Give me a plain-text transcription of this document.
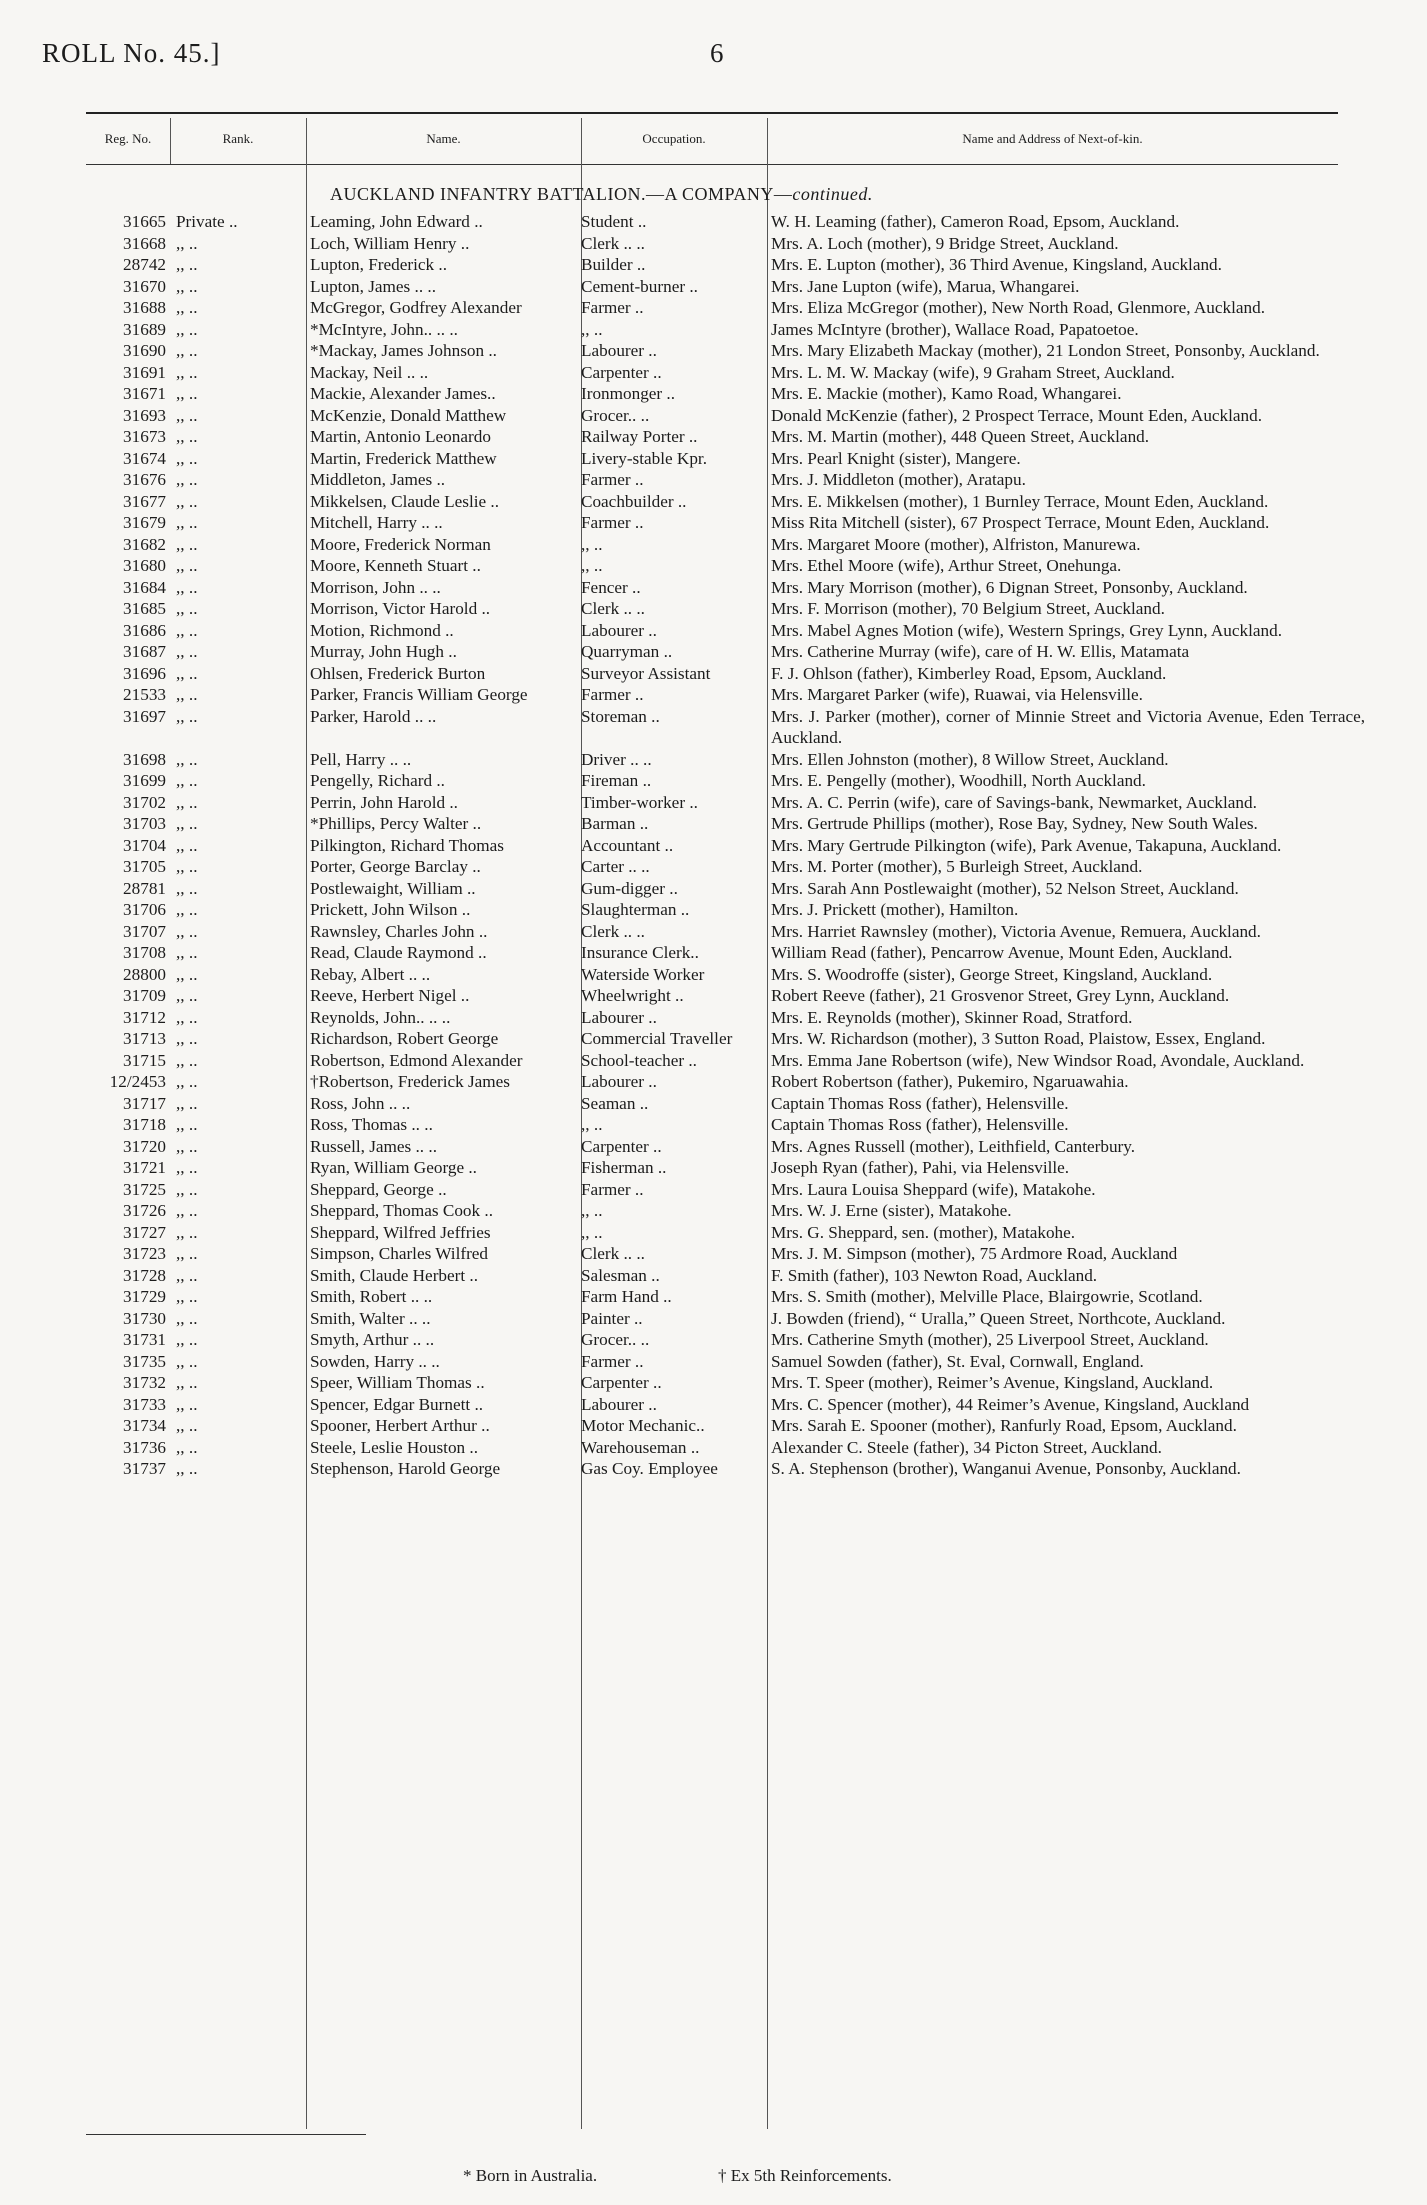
ROLL No. 45.]	6
Reg. No.	Rank.	Name.	Occupation.	Name and Address of Next-of-kin.
AUCKLAND INFANTRY BATTALION.—A COMPANY—continued.
31665 Private ..	Leaming, John Edward ..	Student ..	W. H. Leaming (father), Cameron Road, Epsom, Auckland.
31668 ,, ..	Loch, William Henry ..	Clerk .. ..	Mrs. A. Loch (mother), 9 Bridge Street, Auckland.
28742 ,, ..	Lupton, Frederick ..	Builder ..	Mrs. E. Lupton (mother), 36 Third Avenue, Kingsland, Auckland.
31670 ,, ..	Lupton, James .. ..	Cement-burner ..	Mrs. Jane Lupton (wife), Marua, Whangarei.
31688 ,, ..	McGregor, Godfrey Alexander	Farmer ..	Mrs. Eliza McGregor (mother), New North Road, Glenmore, Auckland.
31689 ,, ..	*McIntyre, John.. .. ..	,, ..	James McIntyre (brother), Wallace Road, Papatoetoe.
31690 ,, ..	*Mackay, James Johnson ..	Labourer ..	Mrs. Mary Elizabeth Mackay (mother), 21 London Street, Ponsonby, Auckland.
31691 ,, ..	Mackay, Neil .. ..	Carpenter ..	Mrs. L. M. W. Mackay (wife), 9 Graham Street, Auckland.
31671 ,, ..	Mackie, Alexander James..	Ironmonger ..	Mrs. E. Mackie (mother), Kamo Road, Whangarei.
31693 ,, ..	McKenzie, Donald Matthew	Grocer.. ..	Donald McKenzie (father), 2 Prospect Terrace, Mount Eden, Auckland.
31673 ,, ..	Martin, Antonio Leonardo	Railway Porter ..	Mrs. M. Martin (mother), 448 Queen Street, Auckland.
31674 ,, ..	Martin, Frederick Matthew	Livery-stable Kpr.	Mrs. Pearl Knight (sister), Mangere.
31676 ,, ..	Middleton, James ..	Farmer ..	Mrs. J. Middleton (mother), Aratapu.
31677 ,, ..	Mikkelsen, Claude Leslie ..	Coachbuilder ..	Mrs. E. Mikkelsen (mother), 1 Burnley Terrace, Mount Eden, Auckland.
31679 ,, ..	Mitchell, Harry .. ..	Farmer ..	Miss Rita Mitchell (sister), 67 Prospect Terrace, Mount Eden, Auckland.
31682 ,, ..	Moore, Frederick Norman	,, ..	Mrs. Margaret Moore (mother), Alfriston, Manurewa.
31680 ,, ..	Moore, Kenneth Stuart ..	,, ..	Mrs. Ethel Moore (wife), Arthur Street, Onehunga.
31684 ,, ..	Morrison, John .. ..	Fencer ..	Mrs. Mary Morrison (mother), 6 Dignan Street, Ponsonby, Auckland.
31685 ,, ..	Morrison, Victor Harold ..	Clerk .. ..	Mrs. F. Morrison (mother), 70 Belgium Street, Auckland.
31686 ,, ..	Motion, Richmond ..	Labourer ..	Mrs. Mabel Agnes Motion (wife), Western Springs, Grey Lynn, Auckland.
31687 ,, ..	Murray, John Hugh ..	Quarryman ..	Mrs. Catherine Murray (wife), care of H. W. Ellis, Matamata
31696 ,, ..	Ohlsen, Frederick Burton	Surveyor Assistant	F. J. Ohlson (father), Kimberley Road, Epsom, Auckland.
21533 ,, ..	Parker, Francis William George	Farmer ..	Mrs. Margaret Parker (wife), Ruawai, via Helensville.
31697 ,, ..	Parker, Harold .. ..	Storeman ..	Mrs. J. Parker (mother), corner of Minnie Street and Victoria Avenue, Eden Terrace, Auckland.
31698 ,, ..	Pell, Harry .. ..	Driver .. ..	Mrs. Ellen Johnston (mother), 8 Willow Street, Auckland.
31699 ,, ..	Pengelly, Richard ..	Fireman ..	Mrs. E. Pengelly (mother), Woodhill, North Auckland.
31702 ,, ..	Perrin, John Harold ..	Timber-worker ..	Mrs. A. C. Perrin (wife), care of Savings-bank, Newmarket, Auckland.
31703 ,, ..	*Phillips, Percy Walter ..	Barman ..	Mrs. Gertrude Phillips (mother), Rose Bay, Sydney, New South Wales.
31704 ,, ..	Pilkington, Richard Thomas	Accountant ..	Mrs. Mary Gertrude Pilkington (wife), Park Avenue, Takapuna, Auckland.
31705 ,, ..	Porter, George Barclay ..	Carter .. ..	Mrs. M. Porter (mother), 5 Burleigh Street, Auckland.
28781 ,, ..	Postlewaight, William ..	Gum-digger ..	Mrs. Sarah Ann Postlewaight (mother), 52 Nelson Street, Auckland.
31706 ,, ..	Prickett, John Wilson ..	Slaughterman ..	Mrs. J. Prickett (mother), Hamilton.
31707 ,, ..	Rawnsley, Charles John ..	Clerk .. ..	Mrs. Harriet Rawnsley (mother), Victoria Avenue, Remuera, Auckland.
31708 ,, ..	Read, Claude Raymond ..	Insurance Clerk..	William Read (father), Pencarrow Avenue, Mount Eden, Auckland.
28800 ,, ..	Rebay, Albert .. ..	Waterside Worker	Mrs. S. Woodroffe (sister), George Street, Kingsland, Auckland.
31709 ,, ..	Reeve, Herbert Nigel ..	Wheelwright ..	Robert Reeve (father), 21 Grosvenor Street, Grey Lynn, Auckland.
31712 ,, ..	Reynolds, John.. .. ..	Labourer ..	Mrs. E. Reynolds (mother), Skinner Road, Stratford.
31713 ,, ..	Richardson, Robert George	Commercial Traveller	Mrs. W. Richardson (mother), 3 Sutton Road, Plaistow, Essex, England.
31715 ,, ..	Robertson, Edmond Alexander	School-teacher ..	Mrs. Emma Jane Robertson (wife), New Windsor Road, Avondale, Auckland.
12/2453 ,, ..	†Robertson, Frederick James	Labourer ..	Robert Robertson (father), Pukemiro, Ngaruawahia.
31717 ,, ..	Ross, John .. ..	Seaman ..	Captain Thomas Ross (father), Helensville.
31718 ,, ..	Ross, Thomas .. ..	,, ..	Captain Thomas Ross (father), Helensville.
31720 ,, ..	Russell, James .. ..	Carpenter ..	Mrs. Agnes Russell (mother), Leithfield, Canterbury.
31721 ,, ..	Ryan, William George ..	Fisherman ..	Joseph Ryan (father), Pahi, via Helensville.
31725 ,, ..	Sheppard, George ..	Farmer ..	Mrs. Laura Louisa Sheppard (wife), Matakohe.
31726 ,, ..	Sheppard, Thomas Cook ..	,, ..	Mrs. W. J. Erne (sister), Matakohe.
31727 ,, ..	Sheppard, Wilfred Jeffries	,, ..	Mrs. G. Sheppard, sen. (mother), Matakohe.
31723 ,, ..	Simpson, Charles Wilfred	Clerk .. ..	Mrs. J. M. Simpson (mother), 75 Ardmore Road, Auckland
31728 ,, ..	Smith, Claude Herbert ..	Salesman ..	F. Smith (father), 103 Newton Road, Auckland.
31729 ,, ..	Smith, Robert .. ..	Farm Hand ..	Mrs. S. Smith (mother), Melville Place, Blairgowrie, Scotland.
31730 ,, ..	Smith, Walter .. ..	Painter ..	J. Bowden (friend), “ Uralla,” Queen Street, Northcote, Auckland.
31731 ,, ..	Smyth, Arthur .. ..	Grocer.. ..	Mrs. Catherine Smyth (mother), 25 Liverpool Street, Auckland.
31735 ,, ..	Sowden, Harry .. ..	Farmer ..	Samuel Sowden (father), St. Eval, Cornwall, England.
31732 ,, ..	Speer, William Thomas ..	Carpenter ..	Mrs. T. Speer (mother), Reimer’s Avenue, Kingsland, Auckland.
31733 ,, ..	Spencer, Edgar Burnett ..	Labourer ..	Mrs. C. Spencer (mother), 44 Reimer’s Avenue, Kingsland, Auckland
31734 ,, ..	Spooner, Herbert Arthur ..	Motor Mechanic..	Mrs. Sarah E. Spooner (mother), Ranfurly Road, Epsom, Auckland.
31736 ,, ..	Steele, Leslie Houston ..	Warehouseman ..	Alexander C. Steele (father), 34 Picton Street, Auckland.
31737 ,, ..	Stephenson, Harold George	Gas Coy. Employee	S. A. Stephenson (brother), Wanganui Avenue, Ponsonby, Auckland.
* Born in Australia.	† Ex 5th Reinforcements.
